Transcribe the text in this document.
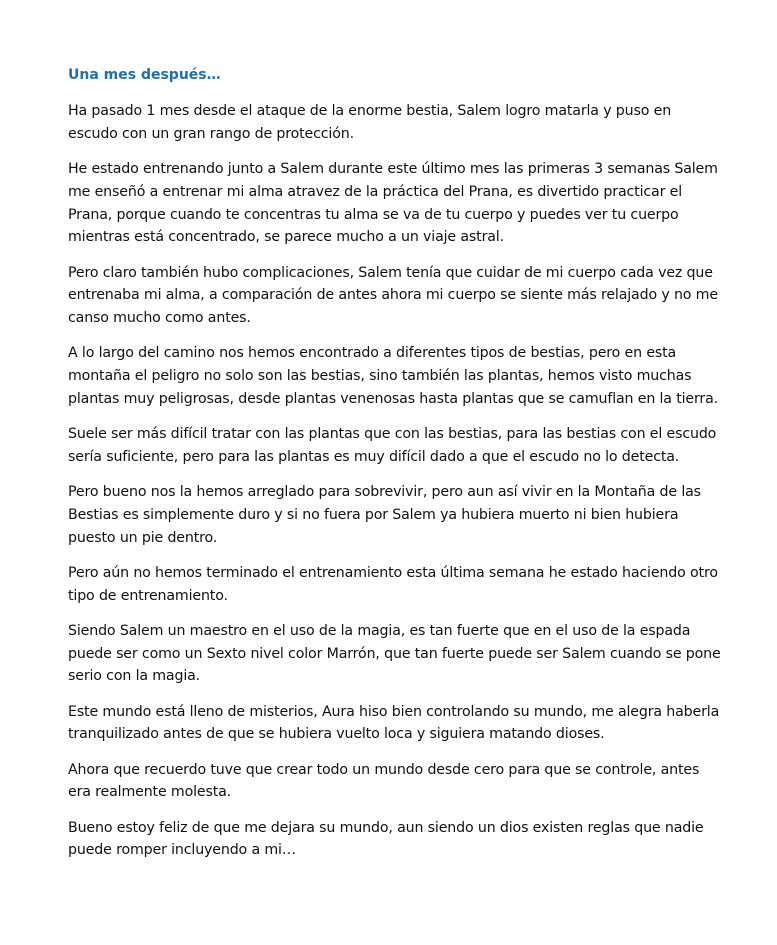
Una mes después…

Ha pasado 1 mes desde el ataque de la enorme bestia, Salem logro matarla y puso en escudo con un gran rango de protección.

He estado entrenando junto a Salem durante este último mes las primeras 3 semanas Salem me enseñó a entrenar mi alma atravez de la práctica del Prana, es divertido practicar el Prana, porque cuando te concentras tu alma se va de tu cuerpo y puedes ver tu cuerpo mientras está concentrado, se parece mucho a un viaje astral.

Pero claro también hubo complicaciones, Salem tenía que cuidar de mi cuerpo cada vez que entrenaba mi alma, a comparación de antes ahora mi cuerpo se siente más relajado y no me canso mucho como antes.

A lo largo del camino nos hemos encontrado a diferentes tipos de bestias, pero en esta montaña el peligro no solo son las bestias, sino también las plantas, hemos visto muchas plantas muy peligrosas, desde plantas venenosas hasta plantas que se camuflan en la tierra.

Suele ser más difícil tratar con las plantas que con las bestias, para las bestias con el escudo sería suficiente, pero para las plantas es muy difícil dado a que el escudo no lo detecta.

Pero bueno nos la hemos arreglado para sobrevivir, pero aun así vivir en la Montaña de las Bestias es simplemente duro y si no fuera por Salem ya hubiera muerto ni bien hubiera puesto un pie dentro.

Pero aún no hemos terminado el entrenamiento esta última semana he estado haciendo otro tipo de entrenamiento.

Siendo Salem un maestro en el uso de la magia, es tan fuerte que en el uso de la espada puede ser como un Sexto nivel color Marrón, que tan fuerte puede ser Salem cuando se pone serio con la magia.

Este mundo está lleno de misterios, Aura hiso bien controlando su mundo, me alegra haberla tranquilizado antes de que se hubiera vuelto loca y siguiera matando dioses.

Ahora que recuerdo tuve que crear todo un mundo desde cero para que se controle, antes era realmente molesta.

Bueno estoy feliz de que me dejara su mundo, aun siendo un dios existen reglas que nadie puede romper incluyendo a mi…
